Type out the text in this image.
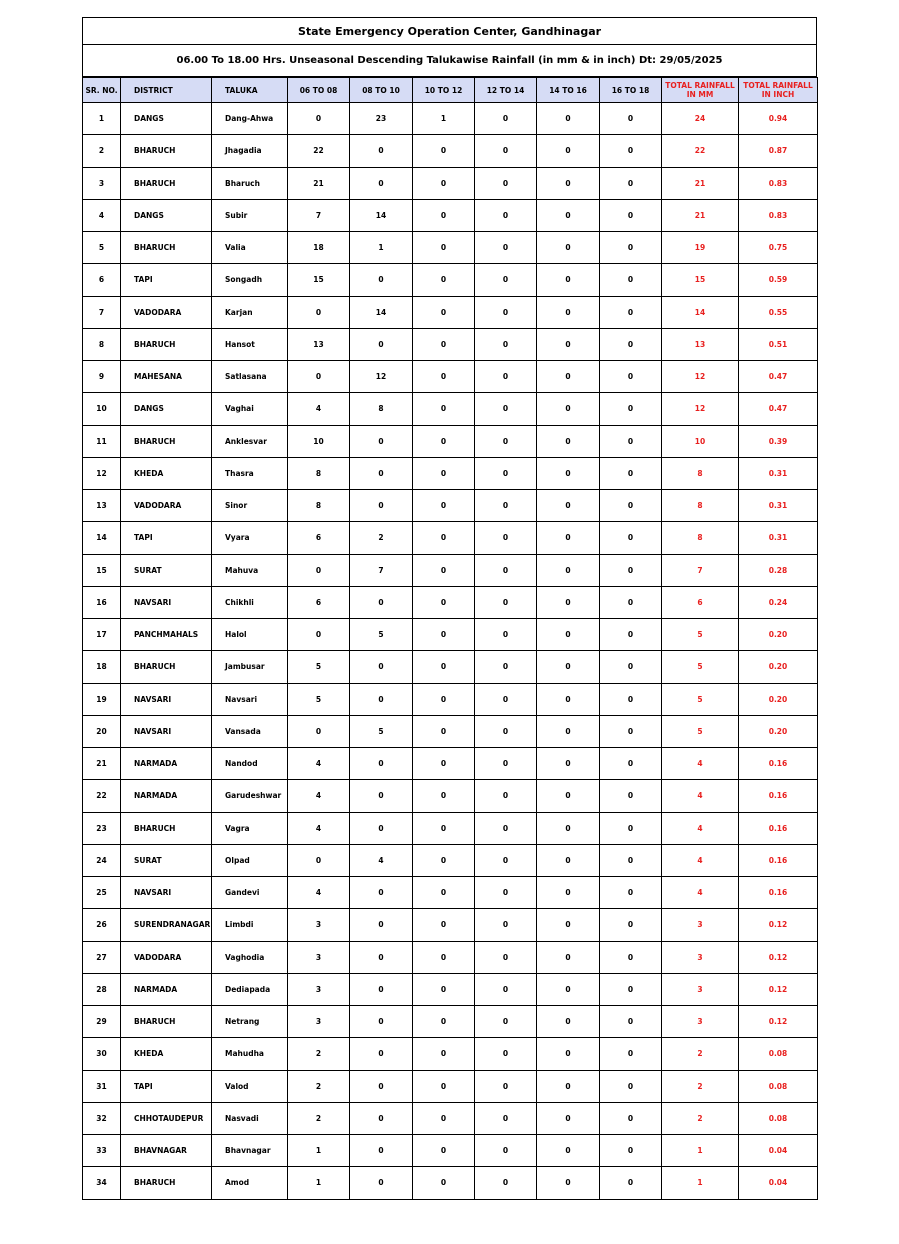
State Emergency Operation Center, Gandhinagar
06.00 To 18.00 Hrs. Unseasonal Descending Talukawise Rainfall (in mm & in inch) Dt: 29/05/2025
SR. NO.	DISTRICT	TALUKA	06 TO 08	08 TO 10	10 TO 12	12 TO 14	14 TO 16	16 TO 18	TOTAL RAINFALL IN MM	TOTAL RAINFALL IN INCH
1	DANGS	Dang-Ahwa	0	23	1	0	0	0	24	0.94
2	BHARUCH	Jhagadia	22	0	0	0	0	0	22	0.87
3	BHARUCH	Bharuch	21	0	0	0	0	0	21	0.83
4	DANGS	Subir	7	14	0	0	0	0	21	0.83
5	BHARUCH	Valia	18	1	0	0	0	0	19	0.75
6	TAPI	Songadh	15	0	0	0	0	0	15	0.59
7	VADODARA	Karjan	0	14	0	0	0	0	14	0.55
8	BHARUCH	Hansot	13	0	0	0	0	0	13	0.51
9	MAHESANA	Satlasana	0	12	0	0	0	0	12	0.47
10	DANGS	Vaghai	4	8	0	0	0	0	12	0.47
11	BHARUCH	Anklesvar	10	0	0	0	0	0	10	0.39
12	KHEDA	Thasra	8	0	0	0	0	0	8	0.31
13	VADODARA	Sinor	8	0	0	0	0	0	8	0.31
14	TAPI	Vyara	6	2	0	0	0	0	8	0.31
15	SURAT	Mahuva	0	7	0	0	0	0	7	0.28
16	NAVSARI	Chikhli	6	0	0	0	0	0	6	0.24
17	PANCHMAHALS	Halol	0	5	0	0	0	0	5	0.20
18	BHARUCH	Jambusar	5	0	0	0	0	0	5	0.20
19	NAVSARI	Navsari	5	0	0	0	0	0	5	0.20
20	NAVSARI	Vansada	0	5	0	0	0	0	5	0.20
21	NARMADA	Nandod	4	0	0	0	0	0	4	0.16
22	NARMADA	Garudeshwar	4	0	0	0	0	0	4	0.16
23	BHARUCH	Vagra	4	0	0	0	0	0	4	0.16
24	SURAT	Olpad	0	4	0	0	0	0	4	0.16
25	NAVSARI	Gandevi	4	0	0	0	0	0	4	0.16
26	SURENDRANAGAR	Limbdi	3	0	0	0	0	0	3	0.12
27	VADODARA	Vaghodia	3	0	0	0	0	0	3	0.12
28	NARMADA	Dediapada	3	0	0	0	0	0	3	0.12
29	BHARUCH	Netrang	3	0	0	0	0	0	3	0.12
30	KHEDA	Mahudha	2	0	0	0	0	0	2	0.08
31	TAPI	Valod	2	0	0	0	0	0	2	0.08
32	CHHOTAUDEPUR	Nasvadi	2	0	0	0	0	0	2	0.08
33	BHAVNAGAR	Bhavnagar	1	0	0	0	0	0	1	0.04
34	BHARUCH	Amod	1	0	0	0	0	0	1	0.04
